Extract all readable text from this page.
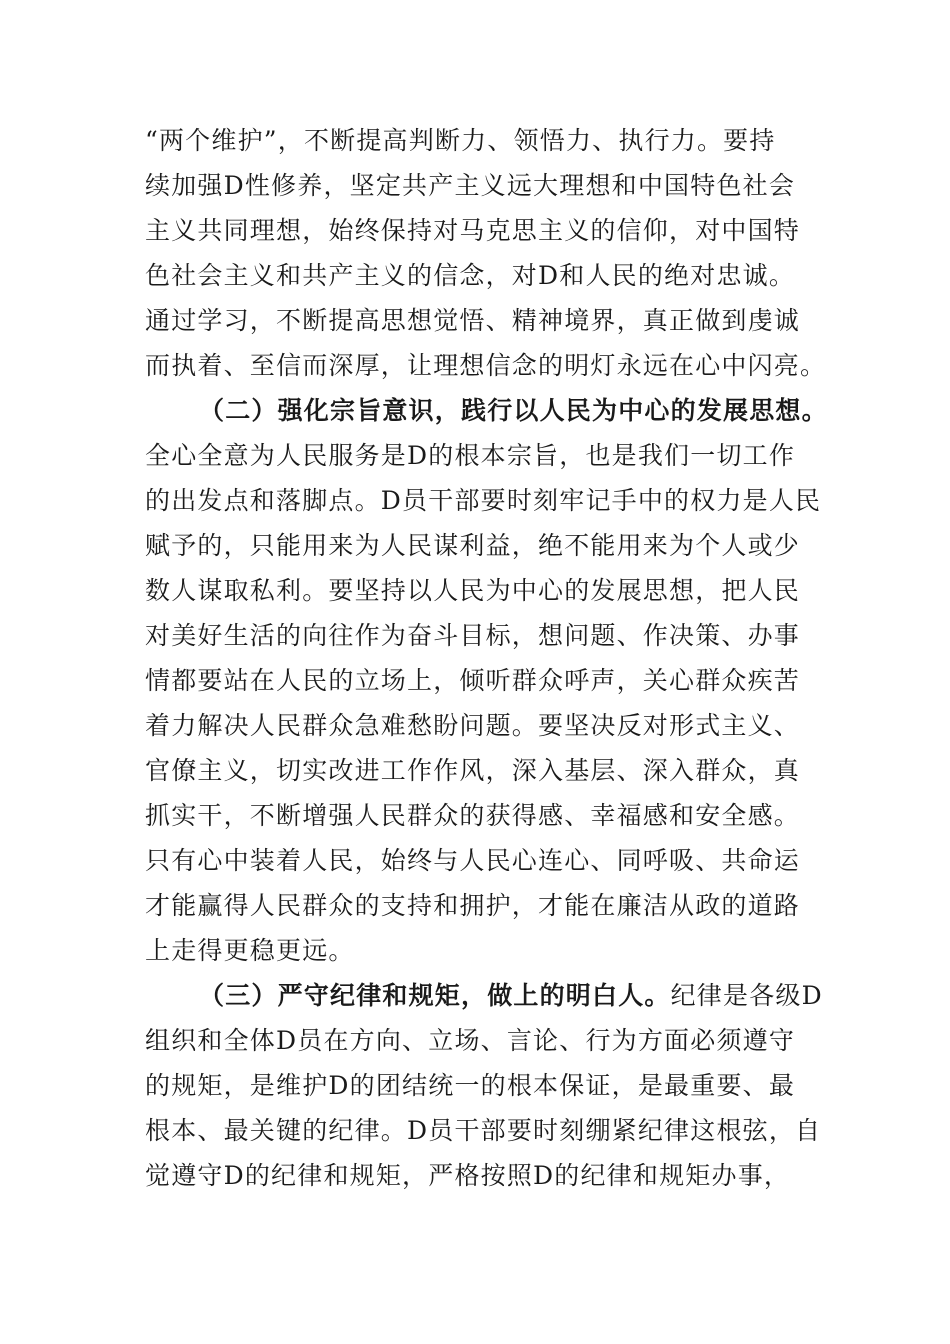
“两个维护”，不断提高判断力、领悟力、执行力。要持
续加强D性修养，坚定共产主义远大理想和中国特色社会
主义共同理想，始终保持对马克思主义的信仰，对中国特
色社会主义和共产主义的信念，对D和人民的绝对忠诚。
通过学习，不断提高思想觉悟、精神境界，真正做到虔诚
而执着、至信而深厚，让理想信念的明灯永远在心中闪亮。
（二）强化宗旨意识，践行以人民为中心的发展思想。
全心全意为人民服务是D的根本宗旨，也是我们一切工作
的出发点和落脚点。D员干部要时刻牢记手中的权力是人民
赋予的，只能用来为人民谋利益，绝不能用来为个人或少
数人谋取私利。要坚持以人民为中心的发展思想，把人民
对美好生活的向往作为奋斗目标，想问题、作决策、办事
情都要站在人民的立场上，倾听群众呼声，关心群众疾苦
着力解决人民群众急难愁盼问题。要坚决反对形式主义、
官僚主义，切实改进工作作风，深入基层、深入群众，真
抓实干，不断增强人民群众的获得感、幸福感和安全感。
只有心中装着人民，始终与人民心连心、同呼吸、共命运
才能赢得人民群众的支持和拥护，才能在廉洁从政的道路
上走得更稳更远。
（三）严守纪律和规矩，做上的明白人。纪律是各级D
组织和全体D员在方向、立场、言论、行为方面必须遵守
的规矩，是维护D的团结统一的根本保证，是最重要、最
根本、最关键的纪律。D员干部要时刻绷紧纪律这根弦，自
觉遵守D的纪律和规矩，严格按照D的纪律和规矩办事，
